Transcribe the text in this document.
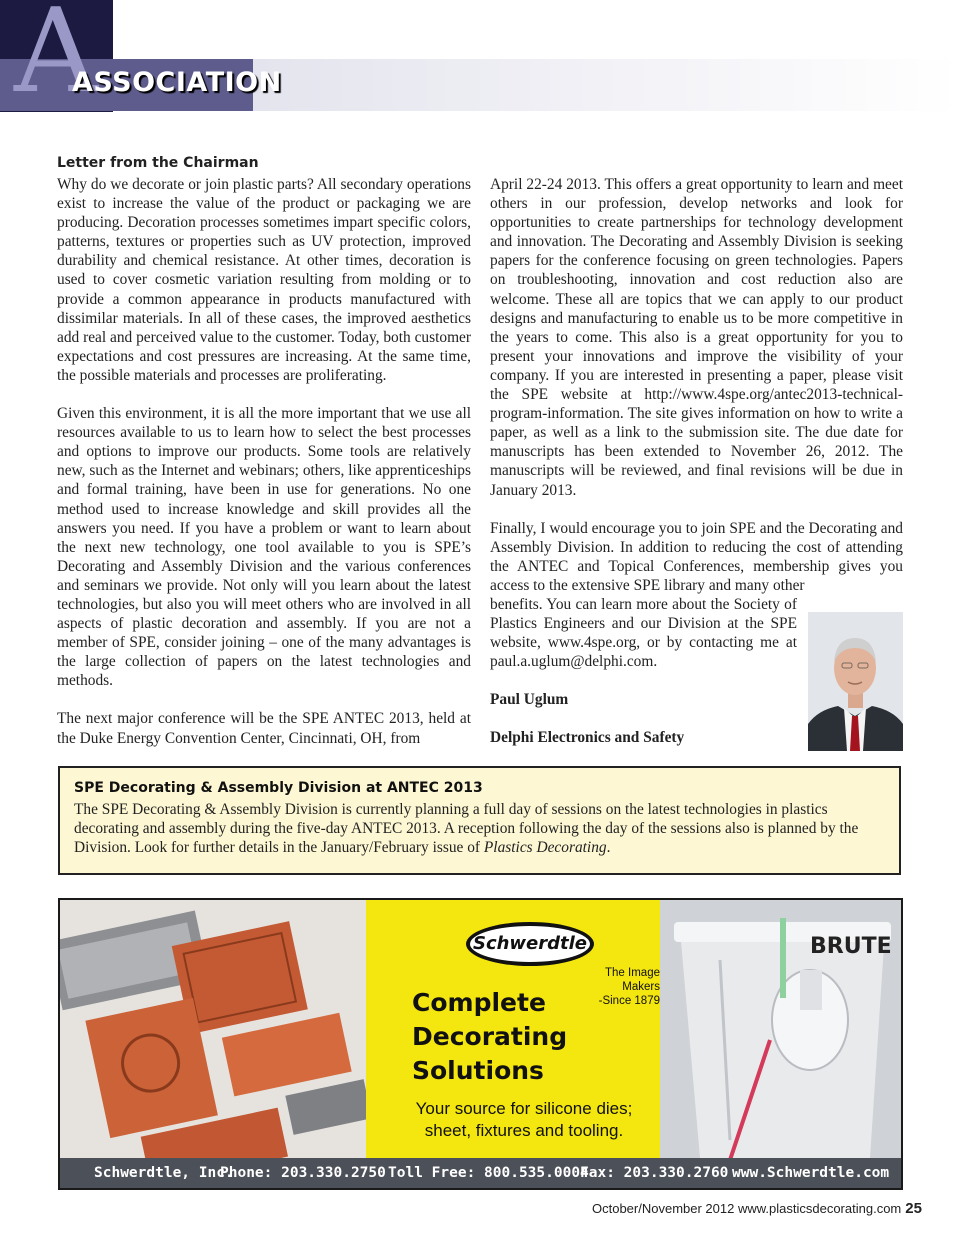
A
ASSOCIATION
Letter from the Chairman

Why do we decorate or join plastic parts? All secondary operations exist to increase the value of the product or packaging we are producing. Decoration processes sometimes impart specific colors, patterns, textures or properties such as UV protection, improved durability and chemical resistance. At other times, decoration is used to cover cosmetic variation resulting from molding or to provide a common appearance in products manufactured with dissimilar materials. In all of these cases, the improved aesthetics add real and perceived value to the customer. Today, both customer expectations and cost pressures are increasing. At the same time, the possible materials and processes are proliferating.

Given this environment, it is all the more important that we use all resources available to us to learn how to select the best processes and options to improve our products. Some tools are relatively new, such as the Internet and webinars; others, like apprenticeships and formal training, have been in use for generations. No one method used to increase knowledge and skill provides all the answers you need. If you have a problem or want to learn about the next new technology, one tool available to you is SPE’s Decorating and Assembly Division and the various conferences and seminars we provide. Not only will you learn about the latest technologies, but also you will meet others who are involved in all aspects of plastic decoration and assembly. If you are not a member of SPE, consider joining – one of the many advantages is the large collection of papers on the latest technologies and methods.

The next major conference will be the SPE ANTEC 2013, held at the Duke Energy Convention Center, Cincinnati, OH, from

April 22-24 2013. This offers a great opportunity to learn and meet others in our profession, develop networks and look for opportunities to create partnerships for technology development and innovation. The Decorating and Assembly Division is seeking papers for the conference focusing on green technologies. Papers on troubleshooting, innovation and cost reduction also are welcome. These all are topics that we can apply to our product designs and manufacturing to enable us to be more competitive in the years to come. This also is a great opportunity for you to present your innovations and improve the visibility of your company. If you are interested in presenting a paper, please visit the SPE website at http://www.4spe.org/antec2013-technical-program-information. The site gives information on how to write a paper, as well as a link to the submission site. The due date for manuscripts has been extended to November 26, 2012. The manuscripts will be reviewed, and final revisions will be due in January 2013.

Finally, I would encourage you to join SPE and the Decorating and Assembly Division. In addition to reducing the cost of attending the ANTEC and Topical Conferences, membership gives you access to the extensive SPE library and many other

benefits. You can learn more about the Society of Plastics Engineers and our Division at the SPE website, www.4spe.org, or by contacting me at paul.a.uglum@delphi.com.

Paul Uglum

Delphi Electronics and Safety

SPE Decorating & Assembly Division at ANTEC 2013
The SPE Decorating & Assembly Division is currently planning a full day of sessions on the latest technologies in plastics decorating and assembly during the five-day ANTEC 2013. A reception following the day of the sessions also is planned by the Division. Look for further details in the January/February issue of Plastics Decorating.
Schwerdtle
The Image Makers
-Since 1879
Complete
Decorating
Solutions
Your source for silicone dies; sheet, fixtures and tooling.
BRUTE
Schwerdtle, Inc.
Phone: 203.330.2750 Toll Free: 800.535.0004
Fax: 203.330.2760 www.Schwerdtle.com
October/November 2012 www.plasticsdecorating.com 25
